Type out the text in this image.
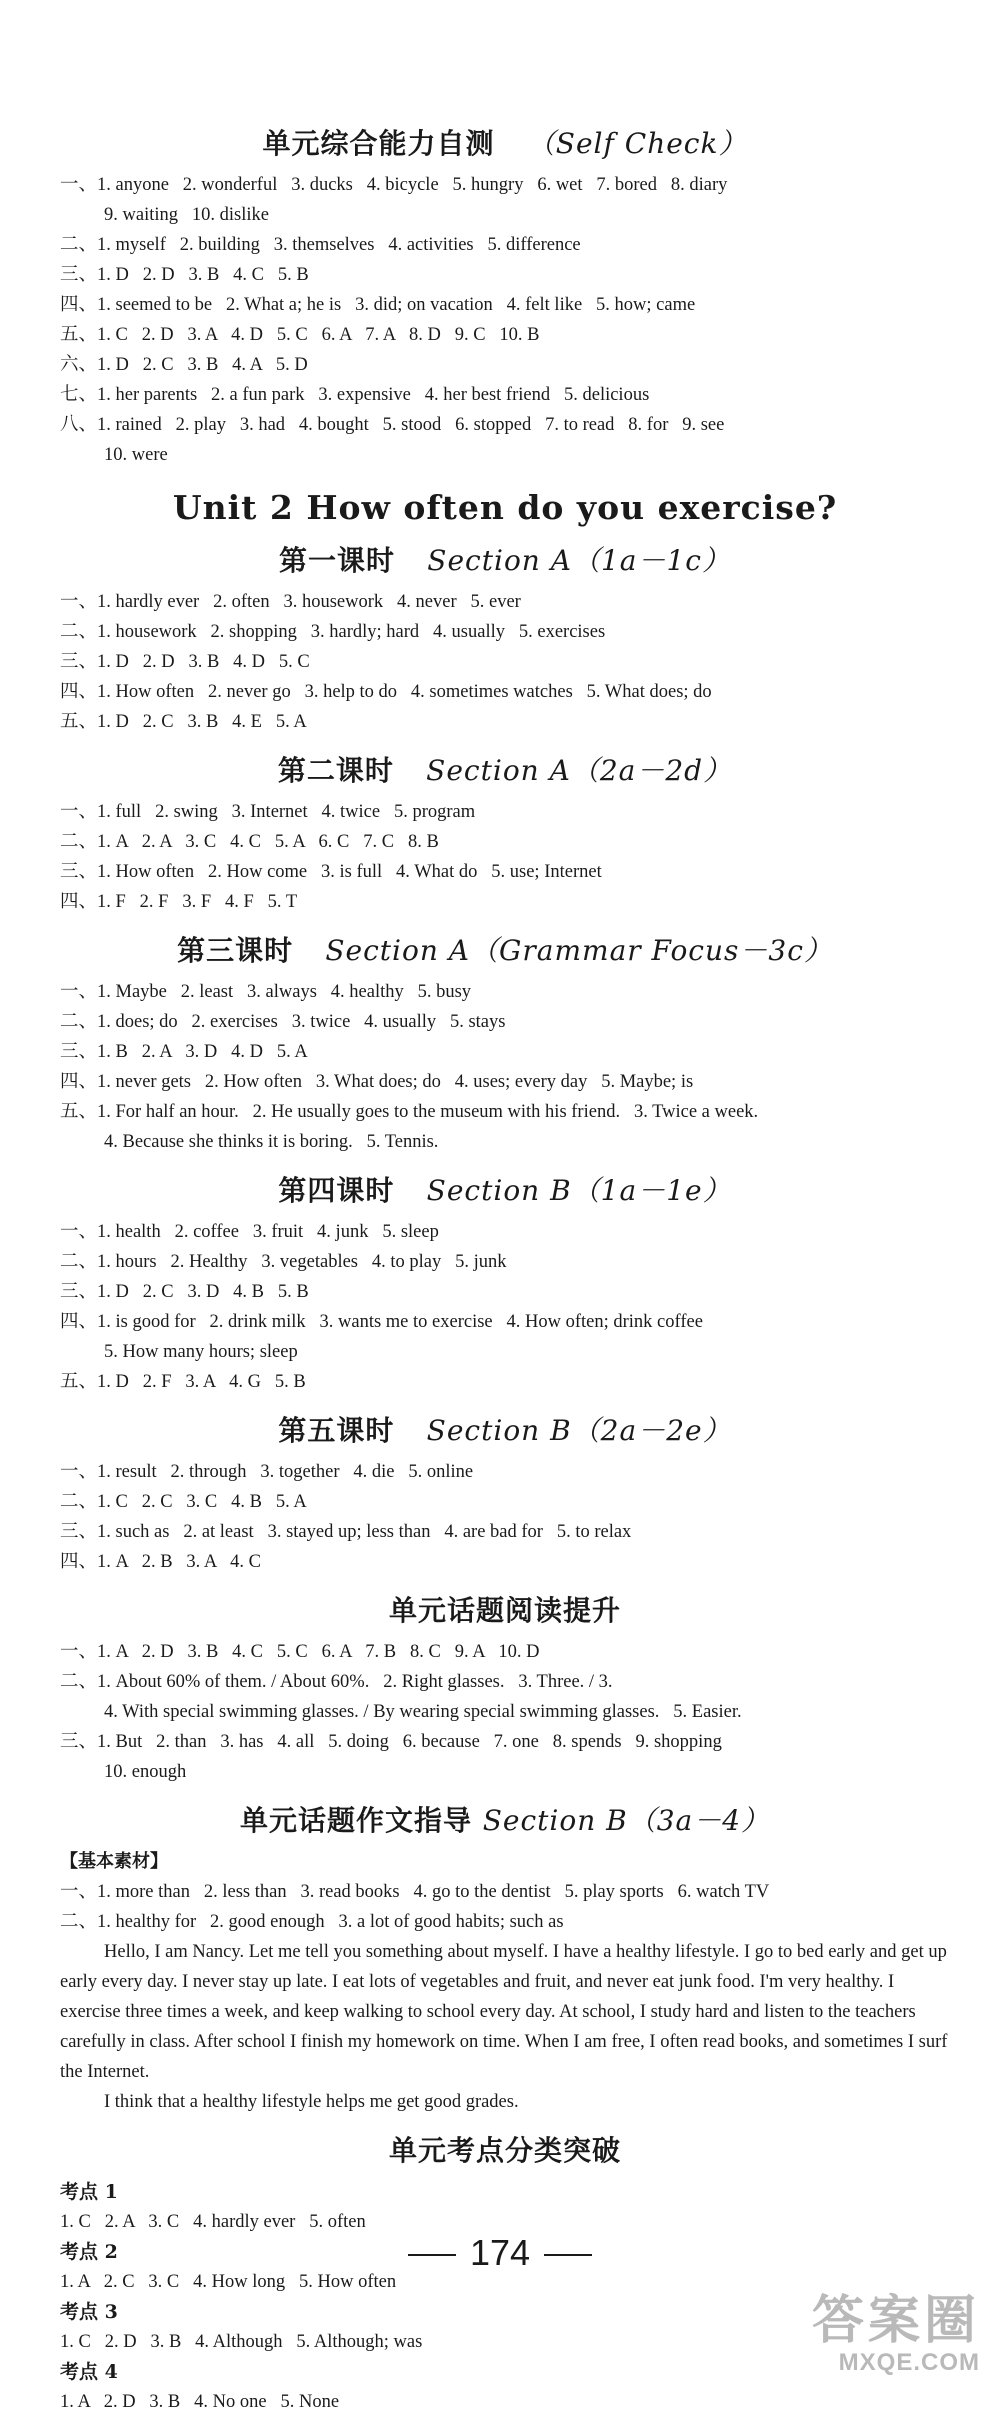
单元综合能力自测 （Self Check）
一、1. anyone   2. wonderful   3. ducks   4. bicycle   5. hungry   6. wet   7. bored   8. diary
9. waiting   10. dislike
二、1. myself   2. building   3. themselves   4. activities   5. difference
三、1. D   2. D   3. B   4. C   5. B
四、1. seemed to be   2. What a; he is   3. did; on vacation   4. felt like   5. how; came
五、1. C   2. D   3. A   4. D   5. C   6. A   7. A   8. D   9. C   10. B
六、1. D   2. C   3. B   4. A   5. D
七、1. her parents   2. a fun park   3. expensive   4. her best friend   5. delicious
八、1. rained   2. play   3. had   4. bought   5. stood   6. stopped   7. to read   8. for   9. see
10. were
Unit 2 How often do you exercise?
第一课时 Section A（1a－1c）
一、1. hardly ever   2. often   3. housework   4. never   5. ever
二、1. housework   2. shopping   3. hardly; hard   4. usually   5. exercises
三、1. D   2. D   3. B   4. D   5. C
四、1. How often   2. never go   3. help to do   4. sometimes watches   5. What does; do
五、1. D   2. C   3. B   4. E   5. A
第二课时 Section A（2a－2d）
一、1. full   2. swing   3. Internet   4. twice   5. program
二、1. A   2. A   3. C   4. C   5. A   6. C   7. C   8. B
三、1. How often   2. How come   3. is full   4. What do   5. use; Internet
四、1. F   2. F   3. F   4. F   5. T
第三课时 Section A（Grammar Focus－3c）
一、1. Maybe   2. least   3. always   4. healthy   5. busy
二、1. does; do   2. exercises   3. twice   4. usually   5. stays
三、1. B   2. A   3. D   4. D   5. A
四、1. never gets   2. How often   3. What does; do   4. uses; every day   5. Maybe; is
五、1. For half an hour.   2. He usually goes to the museum with his friend.   3. Twice a week.
4. Because she thinks it is boring.   5. Tennis.
第四课时 Section B（1a－1e）
一、1. health   2. coffee   3. fruit   4. junk   5. sleep
二、1. hours   2. Healthy   3. vegetables   4. to play   5. junk
三、1. D   2. C   3. D   4. B   5. B
四、1. is good for   2. drink milk   3. wants me to exercise   4. How often; drink coffee
5. How many hours; sleep
五、1. D   2. F   3. A   4. G   5. B
第五课时 Section B（2a－2e）
一、1. result   2. through   3. together   4. die   5. online
二、1. C   2. C   3. C   4. B   5. A
三、1. such as   2. at least   3. stayed up; less than   4. are bad for   5. to relax
四、1. A   2. B   3. A   4. C
单元话题阅读提升
一、1. A   2. D   3. B   4. C   5. C   6. A   7. B   8. C   9. A   10. D
二、1. About 60% of them. / About 60%.   2. Right glasses.   3. Three. / 3.
4. With special swimming glasses. / By wearing special swimming glasses.   5. Easier.
三、1. But   2. than   3. has   4. all   5. doing   6. because   7. one   8. spends   9. shopping
10. enough
单元话题作文指导 Section B（3a－4）
【基本素材】
一、1. more than   2. less than   3. read books   4. go to the dentist   5. play sports   6. watch TV
二、1. healthy for   2. good enough   3. a lot of good habits; such as
Hello, I am Nancy. Let me tell you something about myself. I have a healthy lifestyle. I go to bed early and get up early every day. I never stay up late. I eat lots of vegetables and fruit, and never eat junk food. I'm very healthy. I exercise three times a week, and keep walking to school every day. At school, I study hard and listen to the teachers carefully in class. After school I finish my homework on time. When I am free, I often read books, and sometimes I surf the Internet.
I think that a healthy lifestyle helps me get good grades.
单元考点分类突破
考点 1
1. C   2. A   3. C   4. hardly ever   5. often
考点 2
1. A   2. C   3. C   4. How long   5. How often
考点 3
1. C   2. D   3. B   4. Although   5. Although; was
考点 4
1. A   2. D   3. B   4. No one   5. None
174
答案圈
MXQE.COM
